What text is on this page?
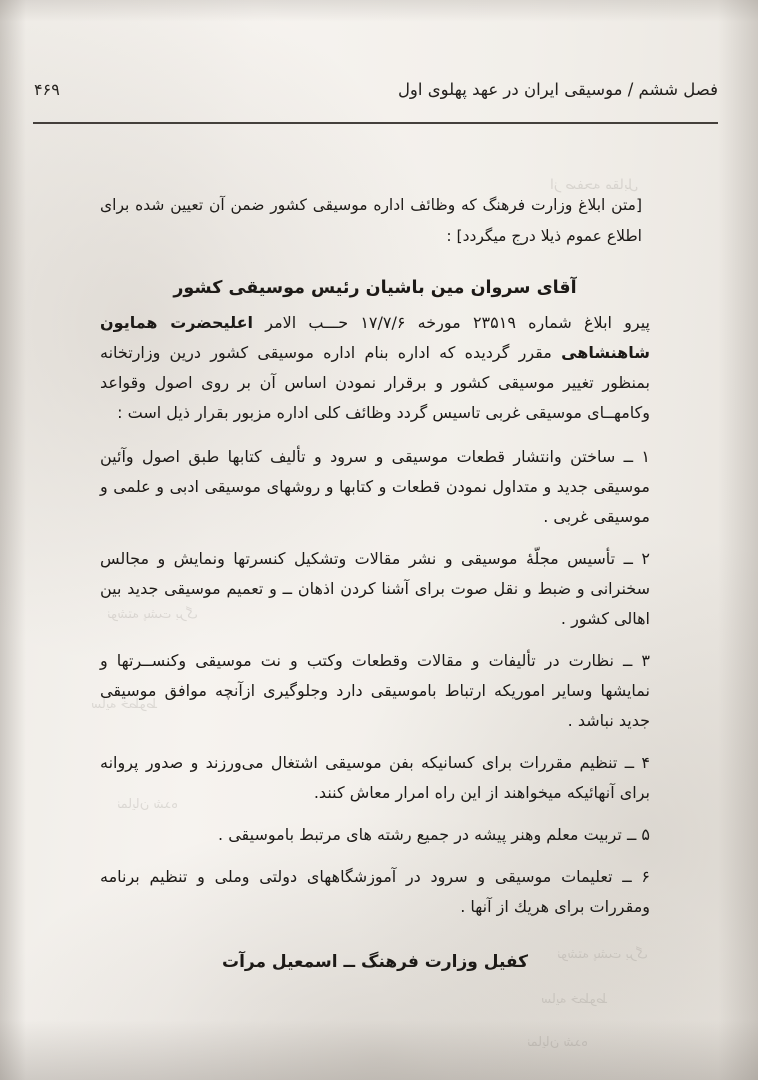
از صفحه مقابل
نوشته پشت برگ
سایه خطوط
نمایان شده
نوشته پشت برگ
سایه خطوط
نمایان شده
فصل ششم / موسیقی ایران در عهد پهلوی اول
۴۶۹

[متن ابلاغ وزارت فرهنگ که وظائف اداره موسیقی کشور ضمن آن تعیین شده برای اطلاع عموم ذیلا درج میگردد] :

آقای سروان مین باشیان رئیس موسیقی کشور

پیرو ابلاغ شماره ۲۳۵۱۹ مورخه ۱۷/۷/۶ حـــب الامر اعلیحضرت همایون شاهنشاهی مقرر گردیده که اداره بنام اداره موسیقی کشور درین وزارتخانه بمنظور تغییر موسیقی کشور و برقرار نمودن اساس آن بر روی اصول وقواعد وکامهــای موسیقی غربی تاسیس گردد وظائف کلی اداره مزبور بقرار ذیل است :

۱ ــ ساختن وانتشار قطعات موسیقی و سرود و تألیف کتابها طبق اصول وآئین موسیقی جدید و متداول نمودن قطعات و کتابها و روشهای موسیقی ادبی و علمی و موسیقی غربی .

۲ ــ تأسیس مجلّهٔ موسیقی و نشر مقالات وتشکیل کنسرتها ونمایش و مجالس سخنرانی و ضبط و نقل صوت برای آشنا کردن اذهان ــ و تعمیم موسیقی جدید بین اهالی کشور .

۳ ــ نظارت در تألیفات و مقالات وقطعات وکتب و نت موسیقی وکنســرتها و نمایشها وسایر اموریکه ارتباط باموسیقی دارد وجلوگیری ازآنچه موافق موسیقی جدید نباشد .

۴ ــ تنظیم مقررات برای کسانیکه بفن موسیقی اشتغال می‌ورزند و صدور پروانه برای آنهائیکه میخواهند از این راه امرار معاش کنند.

۵ ــ تربیت معلم وهنر پیشه در جمیع رشته های مرتبط باموسیقی .

۶ ــ تعلیمات موسیقی و سرود در آموزشگاههای دولتی وملی و تنظیم برنامه ومقررات برای هریك از آنها .

کفیل وزارت فرهنگ ــ اسمعیل مرآت
